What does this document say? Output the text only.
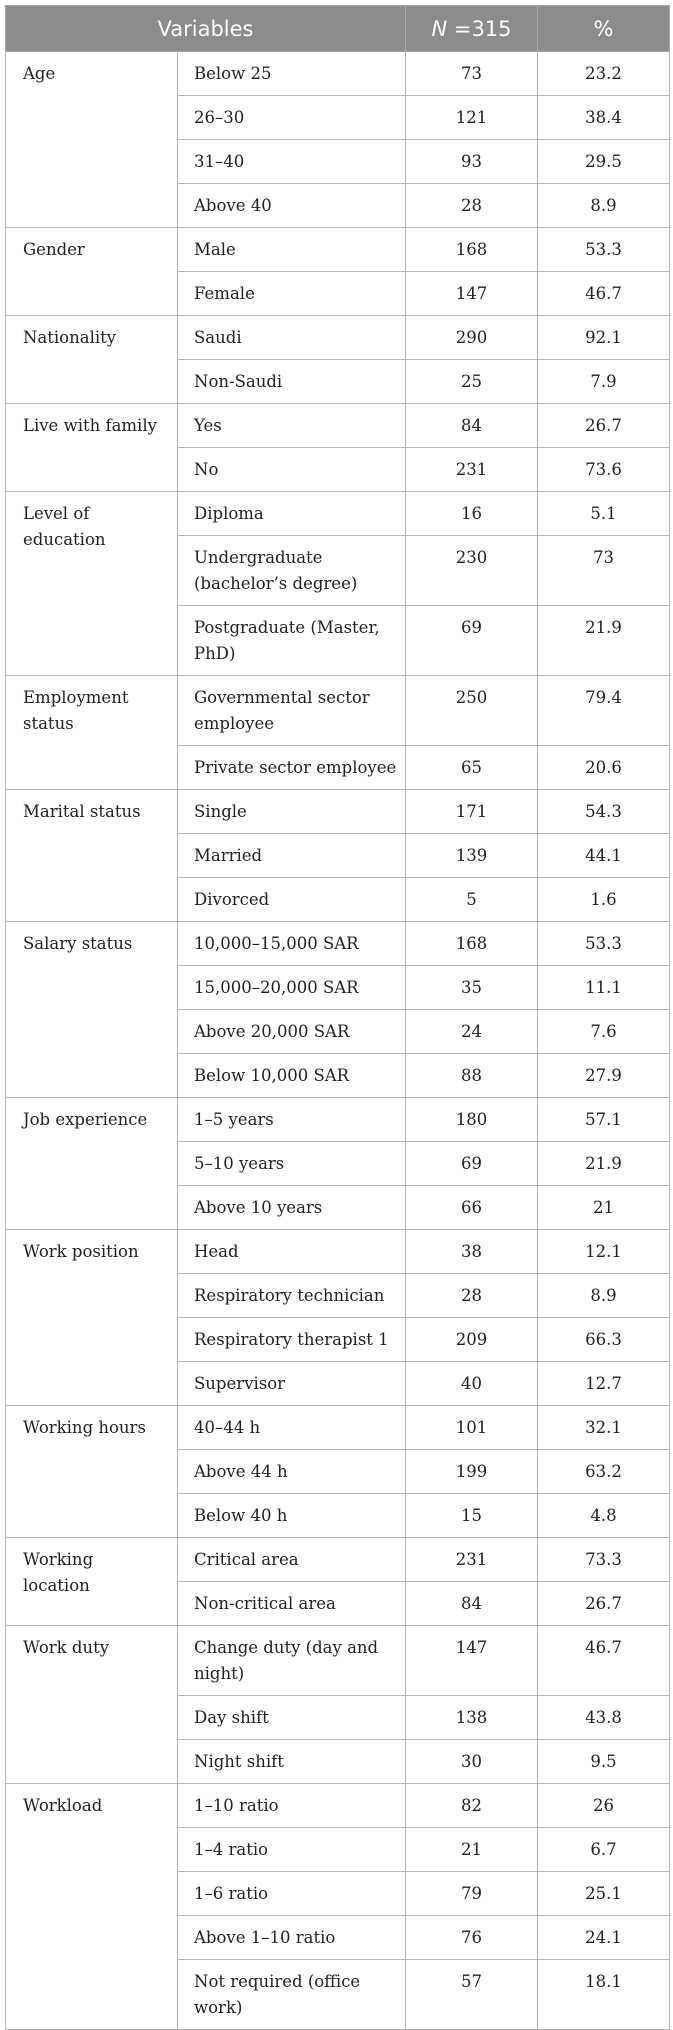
Variables		N =315	%
Age	Below 25	73	23.2
	26–30	121	38.4
	31–40	93	29.5
	Above 40	28	8.9
Gender	Male	168	53.3
	Female	147	46.7
Nationality	Saudi	290	92.1
	Non-Saudi	25	7.9
Live with family	Yes	84	26.7
	No	231	73.6
Level of education	Diploma	16	5.1
	Undergraduate (bachelor’s degree)	230	73
	Postgraduate (Master, PhD)	69	21.9
Employment status	Governmental sector employee	250	79.4
	Private sector employee	65	20.6
Marital status	Single	171	54.3
	Married	139	44.1
	Divorced	5	1.6
Salary status	10,000–15,000 SAR	168	53.3
	15,000–20,000 SAR	35	11.1
	Above 20,000 SAR	24	7.6
	Below 10,000 SAR	88	27.9
Job experience	1–5 years	180	57.1
	5–10 years	69	21.9
	Above 10 years	66	21
Work position	Head	38	12.1
	Respiratory technician	28	8.9
	Respiratory therapist 1	209	66.3
	Supervisor	40	12.7
Working hours	40–44 h	101	32.1
	Above 44 h	199	63.2
	Below 40 h	15	4.8
Working location	Critical area	231	73.3
	Non-critical area	84	26.7
Work duty	Change duty (day and night)	147	46.7
	Day shift	138	43.8
	Night shift	30	9.5
Workload	1–10 ratio	82	26
	1–4 ratio	21	6.7
	1–6 ratio	79	25.1
	Above 1–10 ratio	76	24.1
	Not required (office work)	57	18.1
